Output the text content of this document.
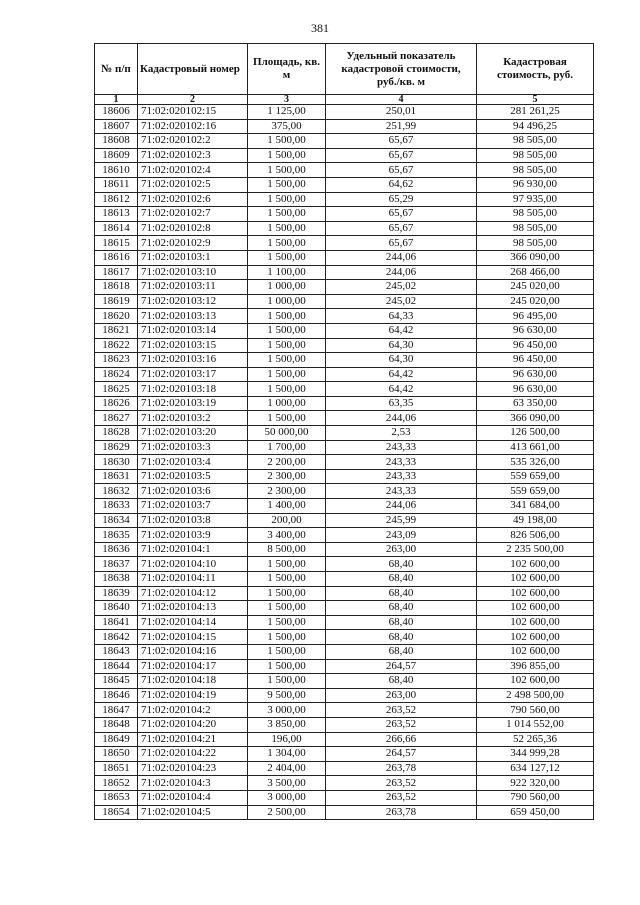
381
№ п/п	Кадастровый номер	Площадь, кв. м	Удельный показатель кадастровой стоимости, руб./кв. м	Кадастровая стоимость, руб.
1	2	3	4	5
18606	71:02:020102:15	1 125,00	250,01	281 261,25
18607	71:02:020102:16	375,00	251,99	94 496,25
18608	71:02:020102:2	1 500,00	65,67	98 505,00
18609	71:02:020102:3	1 500,00	65,67	98 505,00
18610	71:02:020102:4	1 500,00	65,67	98 505,00
18611	71:02:020102:5	1 500,00	64,62	96 930,00
18612	71:02:020102:6	1 500,00	65,29	97 935,00
18613	71:02:020102:7	1 500,00	65,67	98 505,00
18614	71:02:020102:8	1 500,00	65,67	98 505,00
18615	71:02:020102:9	1 500,00	65,67	98 505,00
18616	71:02:020103:1	1 500,00	244,06	366 090,00
18617	71:02:020103:10	1 100,00	244,06	268 466,00
18618	71:02:020103:11	1 000,00	245,02	245 020,00
18619	71:02:020103:12	1 000,00	245,02	245 020,00
18620	71:02:020103:13	1 500,00	64,33	96 495,00
18621	71:02:020103:14	1 500,00	64,42	96 630,00
18622	71:02:020103:15	1 500,00	64,30	96 450,00
18623	71:02:020103:16	1 500,00	64,30	96 450,00
18624	71:02:020103:17	1 500,00	64,42	96 630,00
18625	71:02:020103:18	1 500,00	64,42	96 630,00
18626	71:02:020103:19	1 000,00	63,35	63 350,00
18627	71:02:020103:2	1 500,00	244,06	366 090,00
18628	71:02:020103:20	50 000,00	2,53	126 500,00
18629	71:02:020103:3	1 700,00	243,33	413 661,00
18630	71:02:020103:4	2 200,00	243,33	535 326,00
18631	71:02:020103:5	2 300,00	243,33	559 659,00
18632	71:02:020103:6	2 300,00	243,33	559 659,00
18633	71:02:020103:7	1 400,00	244,06	341 684,00
18634	71:02:020103:8	200,00	245,99	49 198,00
18635	71:02:020103:9	3 400,00	243,09	826 506,00
18636	71:02:020104:1	8 500,00	263,00	2 235 500,00
18637	71:02:020104:10	1 500,00	68,40	102 600,00
18638	71:02:020104:11	1 500,00	68,40	102 600,00
18639	71:02:020104:12	1 500,00	68,40	102 600,00
18640	71:02:020104:13	1 500,00	68,40	102 600,00
18641	71:02:020104:14	1 500,00	68,40	102 600,00
18642	71:02:020104:15	1 500,00	68,40	102 600,00
18643	71:02:020104:16	1 500,00	68,40	102 600,00
18644	71:02:020104:17	1 500,00	264,57	396 855,00
18645	71:02:020104:18	1 500,00	68,40	102 600,00
18646	71:02:020104:19	9 500,00	263,00	2 498 500,00
18647	71:02:020104:2	3 000,00	263,52	790 560,00
18648	71:02:020104:20	3 850,00	263,52	1 014 552,00
18649	71:02:020104:21	196,00	266,66	52 265,36
18650	71:02:020104:22	1 304,00	264,57	344 999,28
18651	71:02:020104:23	2 404,00	263,78	634 127,12
18652	71:02:020104:3	3 500,00	263,52	922 320,00
18653	71:02:020104:4	3 000,00	263,52	790 560,00
18654	71:02:020104:5	2 500,00	263,78	659 450,00
